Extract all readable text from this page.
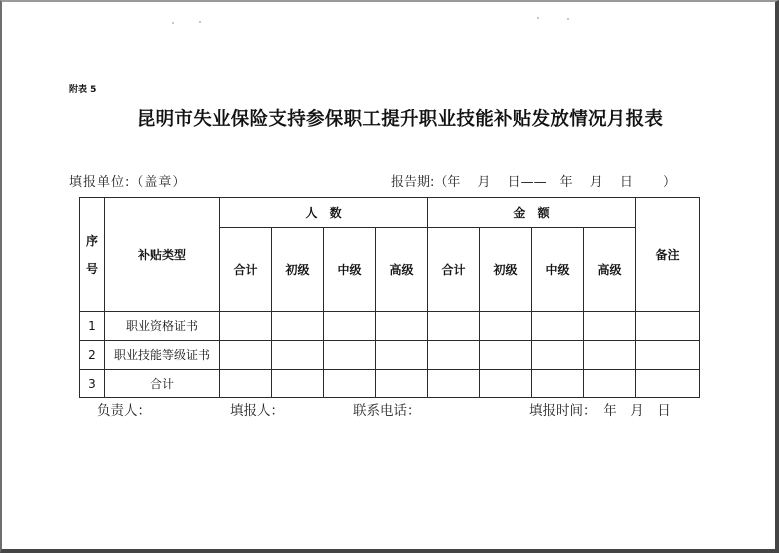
附表 5
昆明市失业保险支持参保职工提升职业技能补贴发放情况月报表
填报单位:（盖章）	报告期:（年　 月　 日——　年　 月　 日　　 ）
序
号	补贴类型	人 数				金 额				备注
		合计	初级	中级	高级	合计	初级	中级	高级	
1	职业资格证书									
2	职业技能等级证书									
3	合计									
负责人：	填报人：	联系电话：	填报时间：　年　月　日
